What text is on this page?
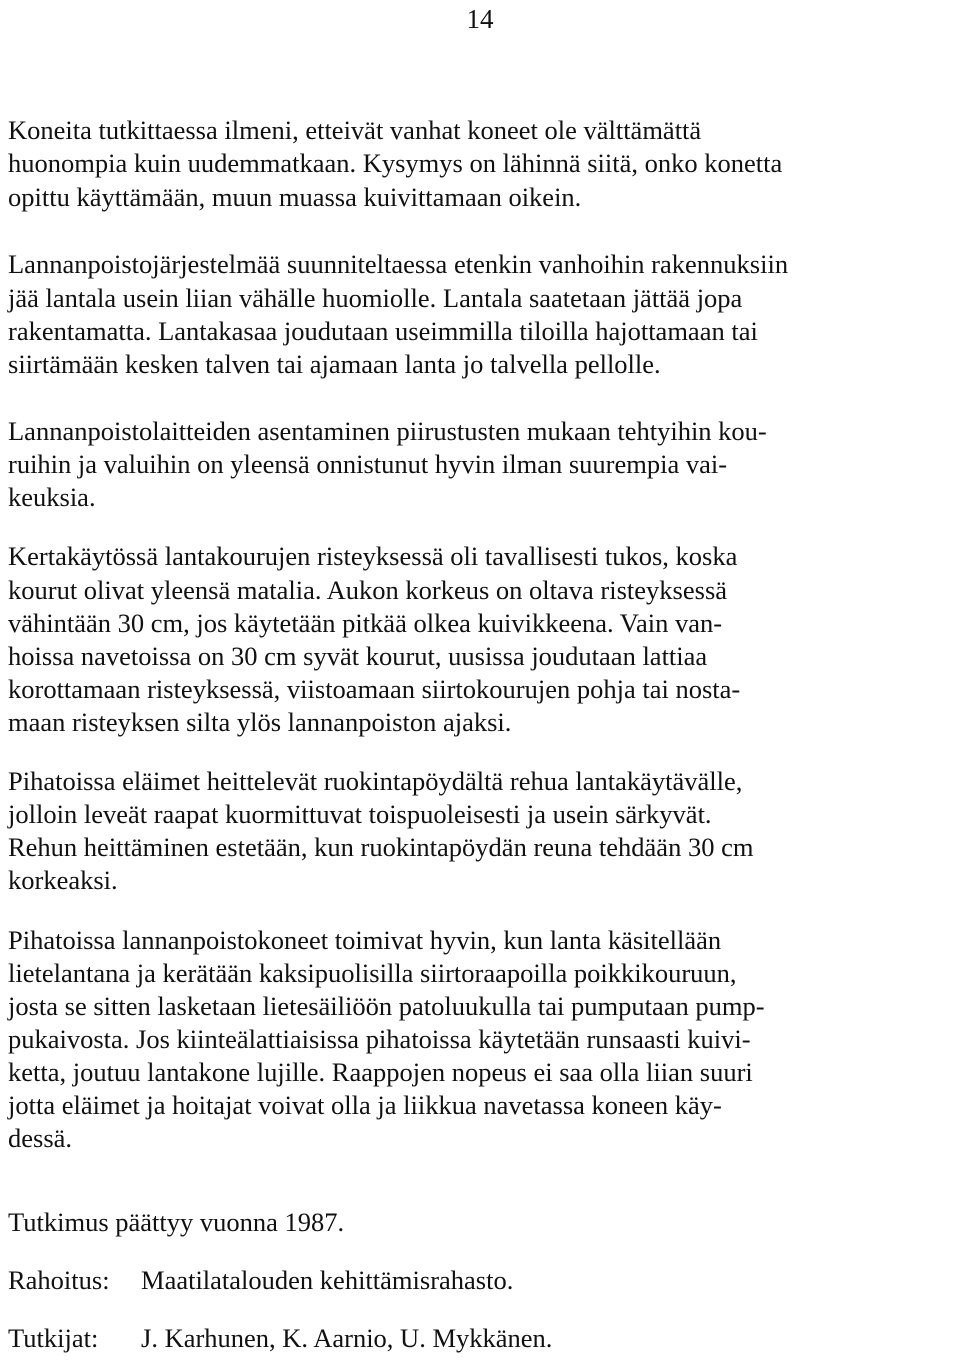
14

Koneita tutkittaessa ilmeni, etteivät vanhat koneet ole välttämättä

huonompia kuin uudemmatkaan. Kysymys on lähinnä siitä, onko konetta

opittu käyttämään, muun muassa kuivittamaan oikein.

Lannanpoistojärjestelmää suunniteltaessa etenkin vanhoihin rakennuksiin

jää lantala usein liian vähälle huomiolle. Lantala saatetaan jättää jopa

rakentamatta. Lantakasaa joudutaan useimmilla tiloilla hajottamaan tai

siirtämään kesken talven tai ajamaan lanta jo talvella pellolle.

Lannanpoistolaitteiden asentaminen piirustusten mukaan tehtyihin kou-

ruihin ja valuihin on yleensä onnistunut hyvin ilman suurempia vai-

keuksia.

Kertakäytössä lantakourujen risteyksessä oli tavallisesti tukos, koska

kourut olivat yleensä matalia. Aukon korkeus on oltava risteyksessä

vähintään 30 cm, jos käytetään pitkää olkea kuivikkeena. Vain van-

hoissa navetoissa on 30 cm syvät kourut, uusissa joudutaan lattiaa

korottamaan risteyksessä, viistoamaan siirtokourujen pohja tai nosta-

maan risteyksen silta ylös lannanpoiston ajaksi.

Pihatoissa eläimet heittelevät ruokintapöydältä rehua lantakäytävälle,

jolloin leveät raapat kuormittuvat toispuoleisesti ja usein särkyvät.

Rehun heittäminen estetään, kun ruokintapöydän reuna tehdään 30 cm

korkeaksi.

Pihatoissa lannanpoistokoneet toimivat hyvin, kun lanta käsitellään

lietelantana ja kerätään kaksipuolisilla siirtoraapoilla poikkikouruun,

josta se sitten lasketaan lietesäiliöön patoluukulla tai pumputaan pump-

pukaivosta. Jos kiinteälattiaisissa pihatoissa käytetään runsaasti kuivi-

ketta, joutuu lantakone lujille. Raappojen nopeus ei saa olla liian suuri

jotta eläimet ja hoitajat voivat olla ja liikkua navetassa koneen käy-

dessä.

Tutkimus päättyy vuonna 1987.

Rahoitus: Maatilatalouden kehittämisrahasto.
Tutkijat: J. Karhunen, K. Aarnio, U. Mykkänen.
